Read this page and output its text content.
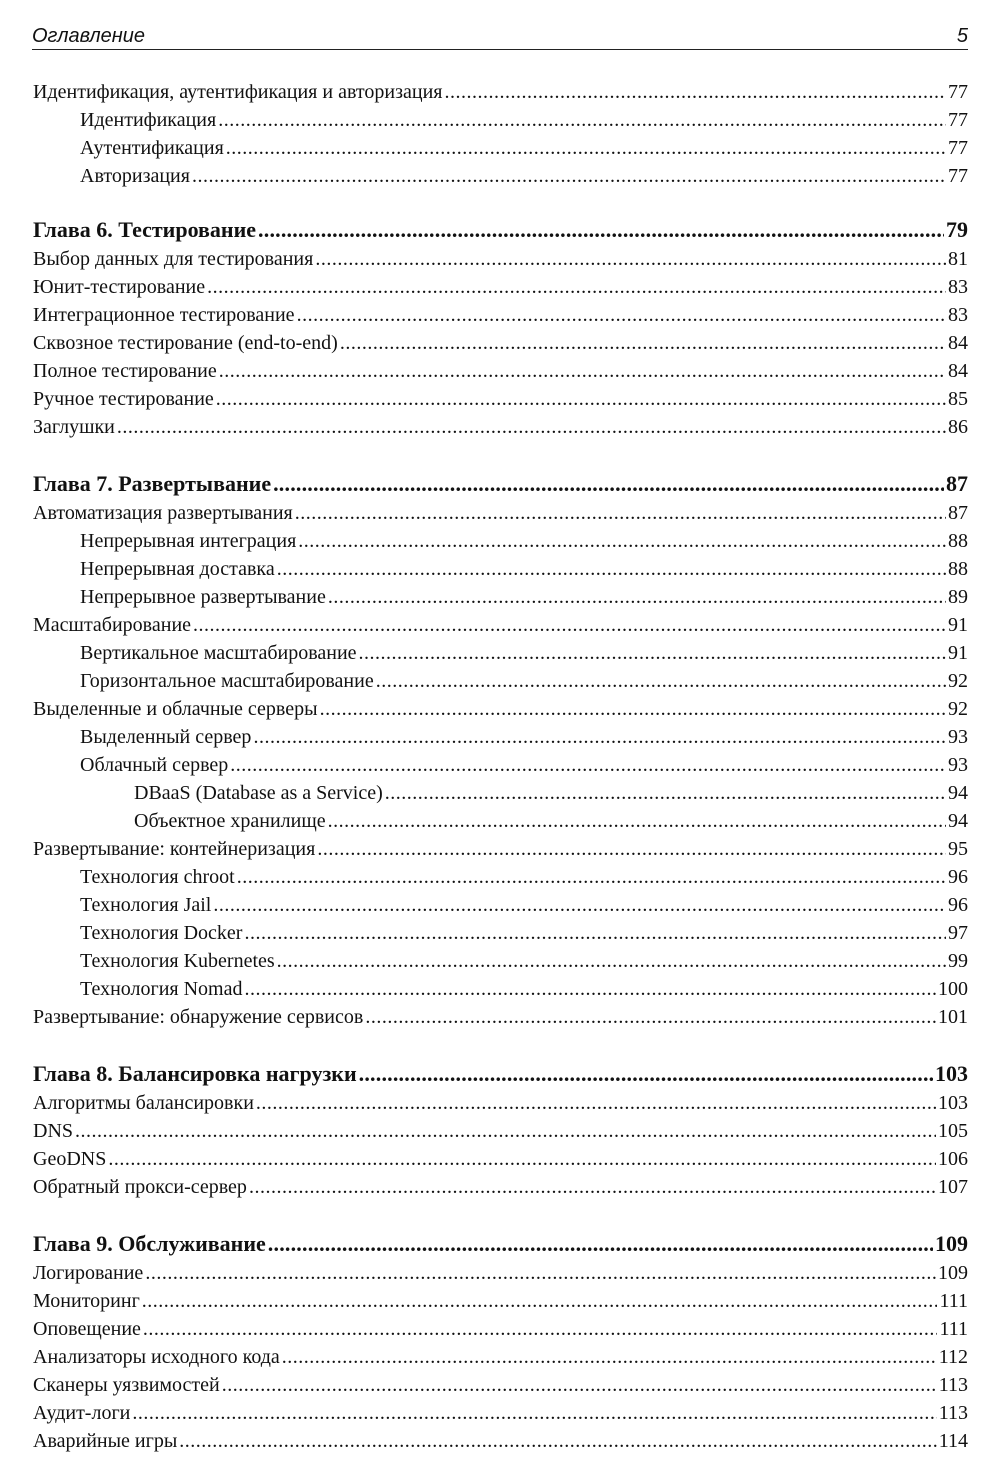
Оглавление	5
Идентификация, аутентификация и авторизация .....	77
Идентификация .....	77
Аутентификация .....	77
Авторизация .....	77
Глава 6. Тестирование .....	79
Выбор данных для тестирования .....	81
Юнит-тестирование .....	83
Интеграционное тестирование .....	83
Сквозное тестирование (end-to-end) .....	84
Полное тестирование .....	84
Ручное тестирование .....	85
Заглушки .....	86
Глава 7. Развертывание .....	87
Автоматизация развертывания .....	87
Непрерывная интеграция .....	88
Непрерывная доставка .....	88
Непрерывное развертывание .....	89
Масштабирование .....	91
Вертикальное масштабирование .....	91
Горизонтальное масштабирование .....	92
Выделенные и облачные серверы .....	92
Выделенный сервер .....	93
Облачный сервер .....	93
DBaaS (Database as a Service) .....	94
Объектное хранилище .....	94
Развертывание: контейнеризация .....	95
Технология chroot .....	96
Технология Jail .....	96
Технология Docker .....	97
Технология Kubernetes .....	99
Технология Nomad .....	100
Развертывание: обнаружение сервисов .....	101
Глава 8. Балансировка нагрузки .....	103
Алгоритмы балансировки .....	103
DNS .....	105
GeoDNS .....	106
Обратный прокси-сервер .....	107
Глава 9. Обслуживание .....	109
Логирование .....	109
Мониторинг .....	111
Оповещение .....	111
Анализаторы исходного кода .....	112
Сканеры уязвимостей .....	113
Аудит-логи .....	113
Аварийные игры .....	114
